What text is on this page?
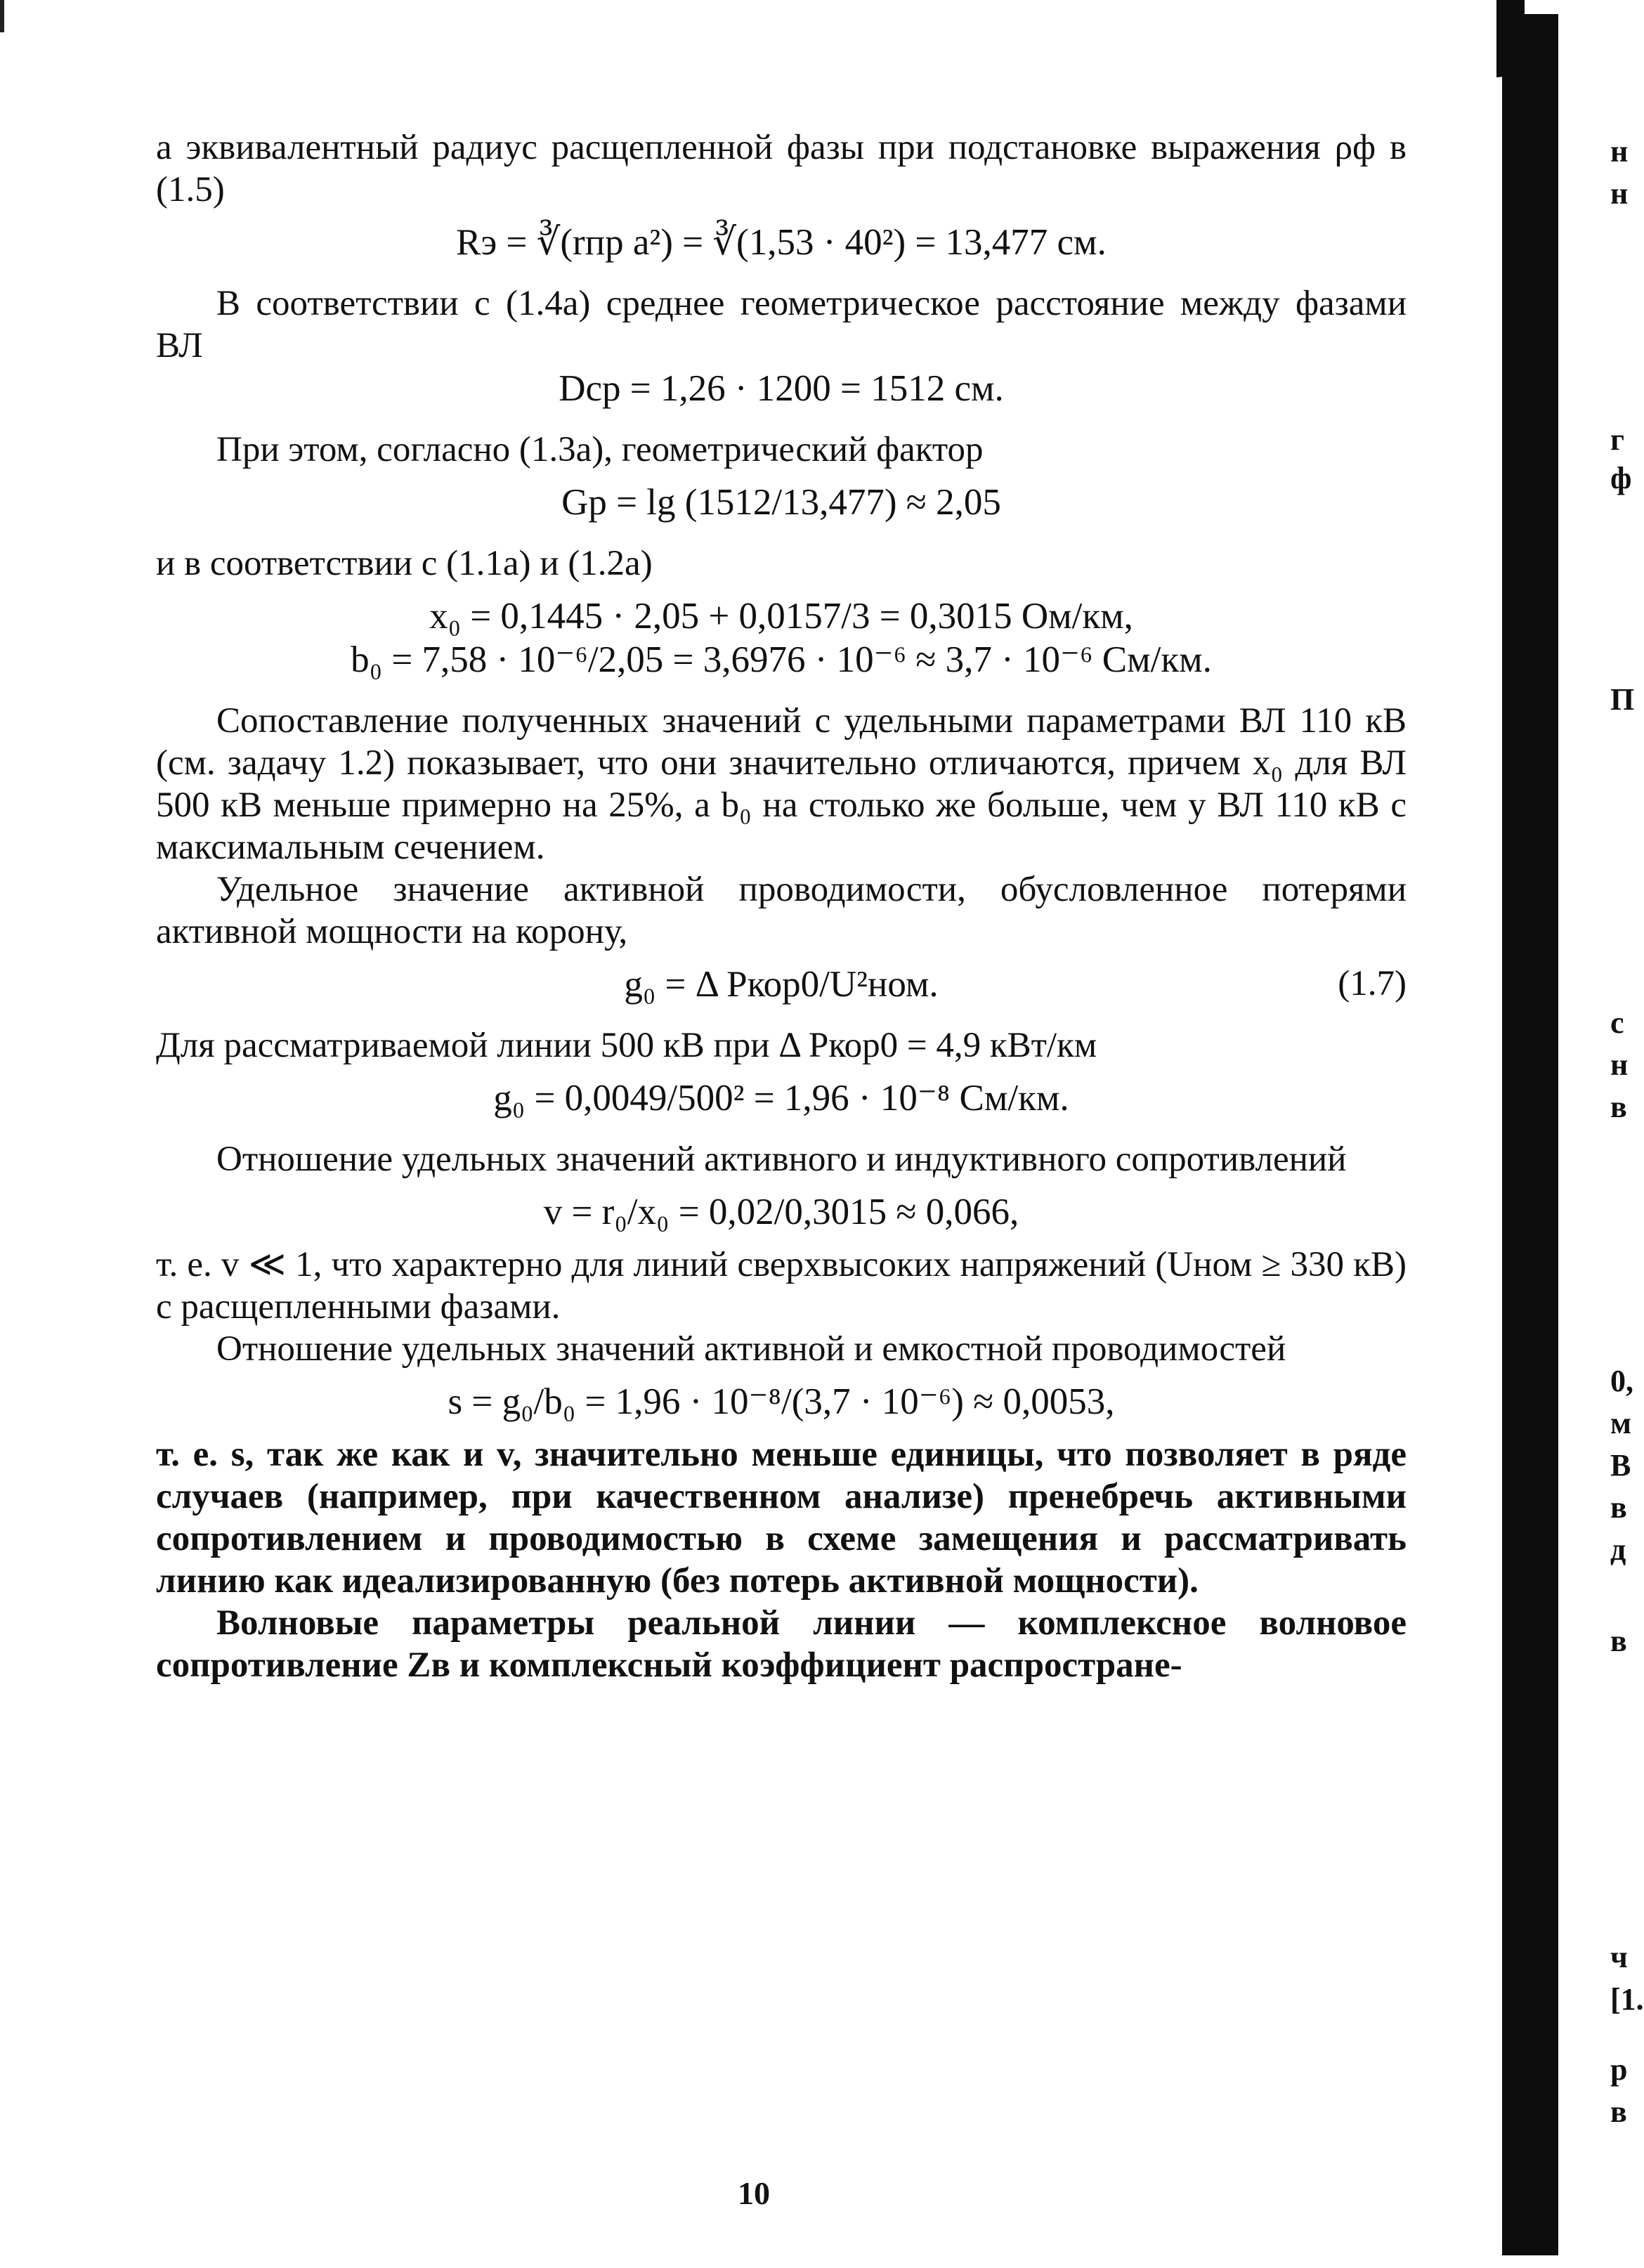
а эквивалентный радиус расщепленной фазы при подстановке выражения ρф в (1.5)

Rэ = ∛(rпр a²) = ∛(1,53 · 40²) = 13,477 см.

В соответствии с (1.4а) среднее геометрическое расстояние между фазами ВЛ

Dср = 1,26 · 1200 = 1512 см.

При этом, согласно (1.3а), геометрический фактор

Gр = lg (1512/13,477) ≈ 2,05

и в соответствии с (1.1а) и (1.2а)

x₀ = 0,1445 · 2,05 + 0,0157/3 = 0,3015 Ом/км,

b₀ = 7,58 · 10⁻⁶/2,05 = 3,6976 · 10⁻⁶ ≈ 3,7 · 10⁻⁶ См/км.

Сопоставление полученных значений с удельными параметрами ВЛ 110 кВ (см. задачу 1.2) показывает, что они значительно отличаются, причем x₀ для ВЛ 500 кВ меньше примерно на 25%, а b₀ на столько же больше, чем у ВЛ 110 кВ с максимальным сечением.

Удельное значение активной проводимости, обусловленное потерями активной мощности на корону,

g₀ = Δ Pкор0/U²ном.	(1.7)

Для рассматриваемой линии 500 кВ при Δ Pкор0 = 4,9 кВт/км

g₀ = 0,0049/500² = 1,96 · 10⁻⁸ См/км.

Отношение удельных значений активного и индуктивного сопротивлений

v = r₀/x₀ = 0,02/0,3015 ≈ 0,066,

т. е. v ≪ 1, что характерно для линий сверхвысоких напряжений (Uном ≥ 330 кВ) с расщепленными фазами.

Отношение удельных значений активной и емкостной проводимостей

s = g₀/b₀ = 1,96 · 10⁻⁸/(3,7 · 10⁻⁶) ≈ 0,0053,

т. е. s, так же как и v, значительно меньше единицы, что позволяет в ряде случаев (например, при качественном анализе) пренебречь активными сопротивлением и проводимостью в схеме замещения и рассматривать линию как идеализированную (без потерь активной мощности).

Волновые параметры реальной линии — комплексное волновое сопротивление Zв и комплексный коэффициент распростране-

10
н
н
г
ф
П
с
н
в
0,
м
В
в
д
в
ч
[1.
р
в
